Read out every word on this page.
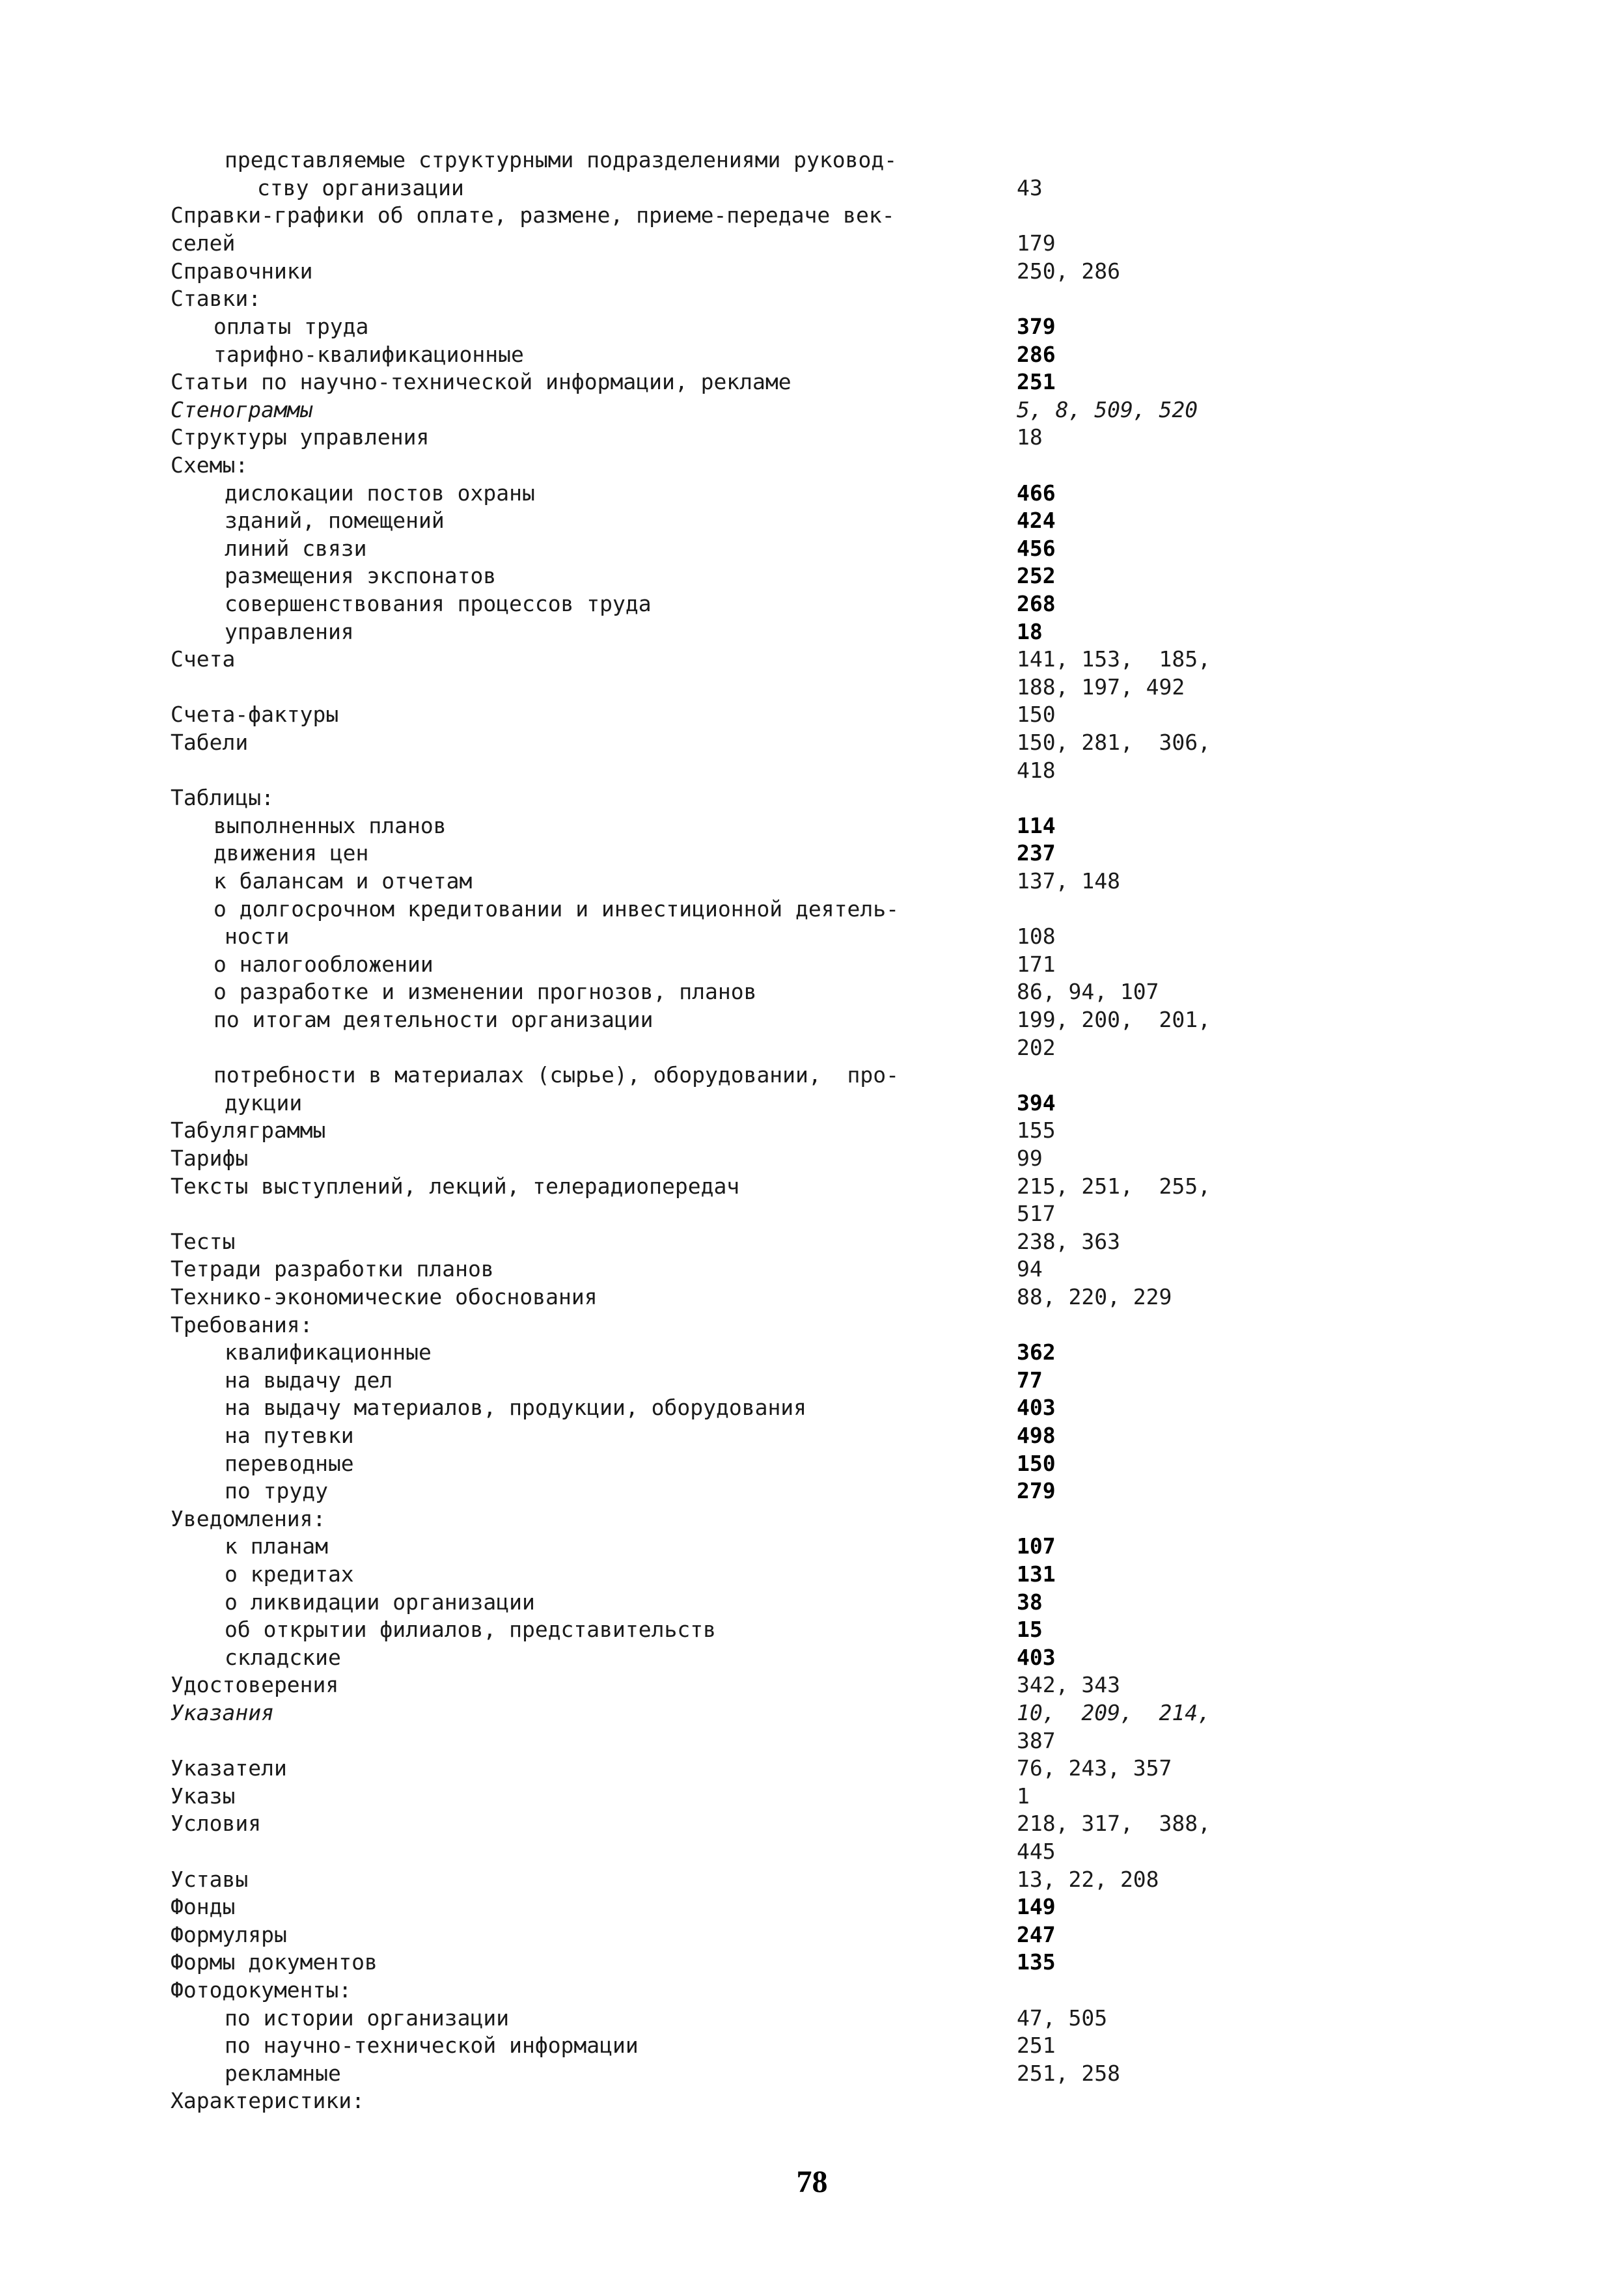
представляемые структурными подразделениями руковод-
ству организации	43
Справки-графики об оплате, размене, приеме-передаче век-
селей	179
Справочники	250, 286
Ставки:
оплаты труда	379
тарифно-квалификационные	286
Статьи по научно-технической информации, рекламе	251
Стенограммы	5, 8, 509, 520
Структуры управления	18
Схемы:
дислокации постов охраны	466
зданий, помещений	424
линий связи	456
размещения экспонатов	252
совершенствования процессов труда	268
управления	18
Счета	141, 153,  185,
188, 197, 492
Счета-фактуры	150
Табели	150, 281,  306,
418
Таблицы:
выполненных планов	114
движения цен	237
к балансам и отчетам	137, 148
о долгосрочном кредитовании и инвестиционной деятель-
ности	108
о налогообложении	171
о разработке и изменении прогнозов, планов	86, 94, 107
по итогам деятельности организации	199, 200,  201,
202
потребности в материалах (сырье), оборудовании,  про-
дукции	394
Табуляграммы	155
Тарифы	99
Тексты выступлений, лекций, телерадиопередач	215, 251,  255,
517
Тесты	238, 363
Тетради разработки планов	94
Технико-экономические обоснования	88, 220, 229
Требования:
квалификационные	362
на выдачу дел	77
на выдачу материалов, продукции, оборудования	403
на путевки	498
переводные	150
по труду	279
Уведомления:
к планам	107
о кредитах	131
о ликвидации организации	38
об открытии филиалов, представительств	15
складские	403
Удостоверения	342, 343
Указания	10,  209,  214,
387
Указатели	76, 243, 357
Указы	1
Условия	218, 317,  388,
445
Уставы	13, 22, 208
Фонды	149
Формуляры	247
Формы документов	135
Фотодокументы:
по истории организации	47, 505
по научно-технической информации	251
рекламные	251, 258
Характеристики:
78
